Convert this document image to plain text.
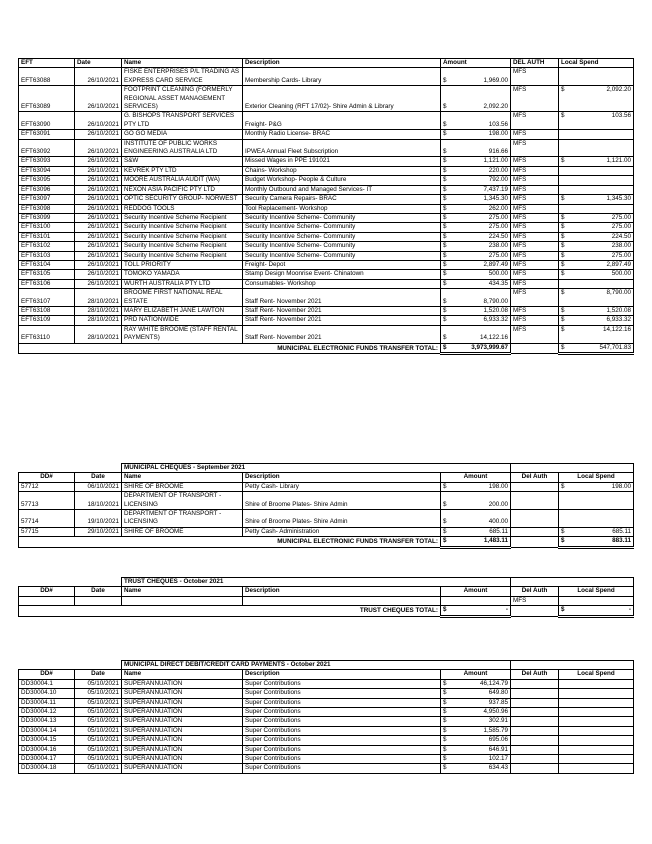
EFT	Date	Name	Description	Amount	DEL AUTH	Local Spend
EFT63088	26/10/2021	FISKE ENTERPRISES P/L TRADING AS EXPRESS CARD SERVICE	Membership Cards- Library	$ 1,969.00	MFS	
EFT63089	26/10/2021	FOOTPRINT CLEANING (FORMERLY REGIONAL ASSET MANAGEMENT SERVICES)	Exterior Cleaning (RFT 17/02)- Shire Admin & Library	$ 2,092.20	MFS	$ 2,092.20

EFT63090	26/10/2021	G. BISHOPS TRANSPORT SERVICES PTY LTD	Freight- P&G	$ 103.56	MFS	$ 103.56

EFT63091	26/10/2021	GO GO MEDIA	Monthly Radio License- BRAC	$ 198.00	MFS	
EFT63092	26/10/2021	INSTITUTE OF PUBLIC WORKS ENGINEERING AUSTRALIA LTD	IPWEA Annual Fleet Subscription	$ 916.66	MFS	
EFT63093	26/10/2021	S&W	Missed Wages in PPE 191021	$ 1,121.00	MFS	$ 1,121.00

EFT63094	26/10/2021	KEVREK PTY LTD	Chains- Workshop	$ 220.00	MFS	
EFT63095	26/10/2021	MOORE AUSTRALIA AUDIT (WA)	Budget Workshop- People & Culture	$ 792.00	MFS	
EFT63096	26/10/2021	NEXON ASIA PACIFIC PTY LTD	Monthly Outbound and Managed Services- IT	$ 7,437.19	MFS	
EFT63097	26/10/2021	OPTIC SECURITY GROUP- NORWEST	Security Camera Repairs- BRAC	$ 1,345.30	MFS	$ 1,345.30

EFT63098	26/10/2021	REDDOG TOOLS	Tool Replacement- Workshop	$ 262.00	MFS	
EFT63099	26/10/2021	Security Incentive Scheme Recipient	Security Incentive Scheme- Community	$ 275.00	MFS	$ 275.00

EFT63100	26/10/2021	Security Incentive Scheme Recipient	Security Incentive Scheme- Community	$ 275.00	MFS	$ 275.00

EFT63101	26/10/2021	Security Incentive Scheme Recipient	Security Incentive Scheme- Community	$ 224.50	MFS	$ 224.50

EFT63102	26/10/2021	Security Incentive Scheme Recipient	Security Incentive Scheme- Community	$ 238.00	MFS	$ 238.00

EFT63103	26/10/2021	Security Incentive Scheme Recipient	Security Incentive Scheme- Community	$ 275.00	MFS	$ 275.00

EFT63104	26/10/2021	TOLL PRIORITY	Freight- Depot	$ 2,897.49	MFS	$ 2,897.49

EFT63105	26/10/2021	TOMOKO YAMADA	Stamp Design Moonrise Event- Chinatown	$ 500.00	MFS	$ 500.00

EFT63106	26/10/2021	WURTH AUSTRALIA PTY LTD	Consumables- Workshop	$ 434.35	MFS	
EFT63107	28/10/2021	BROOME FIRST NATIONAL REAL ESTATE	Staff Rent- November 2021	$ 8,790.00	MFS	$ 8,790.00

EFT63108	28/10/2021	MARY ELIZABETH JANE LAWTON	Staff Rent- November 2021	$ 1,520.08	MFS	$ 1,520.08

EFT63109	28/10/2021	PRD NATIONWIDE	Staff Rent- November 2021	$ 6,933.32	MFS	$ 6,933.32

EFT63110	28/10/2021	RAY WHITE BROOME (STAFF RENTAL PAYMENTS)	Staff Rent- November 2021	$ 14,122.16	MFS	$ 14,122.16

MUNICIPAL ELECTRONIC FUNDS TRANSFER TOTAL:				$ 3,973,999.67		$ 547,701.83
		MUNICIPAL CHEQUES - September 2021				
DD#	Date	Name	Description	Amount	Del Auth	Local Spend
57712	06/10/2021	SHIRE OF BROOME	Petty Cash- Library	$ 198.00		$ 198.00

57713	18/10/2021	DEPARTMENT OF TRANSPORT - LICENSING	Shire of Broome Plates- Shire Admin	$ 200.00		

57714	19/10/2021	DEPARTMENT OF TRANSPORT - LICENSING	Shire of Broome Plates- Shire Admin	$ 400.00		

57715	29/10/2021	SHIRE OF BROOME	Petty Cash- Administration	$ 685.11		$ 685.11

MUNICIPAL ELECTRONIC FUNDS TRANSFER TOTAL:				$ 1,483.11		$ 883.11
		TRUST CHEQUES - October 2021				
DD#	Date	Name	Description	Amount	Del Auth	Local Spend
					MFS	
TRUST CHEQUES TOTAL:				$ -		$ -
		MUNICIPAL DIRECT DEBIT/CREDIT CARD PAYMENTS - October 2021				
DD#	Date	Name	Description	Amount	Del Auth	Local Spend
DD30004.1	05/10/2021	SUPERANNUATION	Super Contributions	$ 46,124.79		

DD30004.10	05/10/2021	SUPERANNUATION	Super Contributions	$ 649.80		

DD30004.11	05/10/2021	SUPERANNUATION	Super Contributions	$ 937.85		

DD30004.12	05/10/2021	SUPERANNUATION	Super Contributions	$ 4,950.96		

DD30004.13	05/10/2021	SUPERANNUATION	Super Contributions	$ 302.91		

DD30004.14	05/10/2021	SUPERANNUATION	Super Contributions	$ 1,585.79		

DD30004.15	05/10/2021	SUPERANNUATION	Super Contributions	$ 695.06		

DD30004.16	05/10/2021	SUPERANNUATION	Super Contributions	$ 646.91		

DD30004.17	05/10/2021	SUPERANNUATION	Super Contributions	$ 102.17		

DD30004.18	05/10/2021	SUPERANNUATION	Super Contributions	$ 634.43		
